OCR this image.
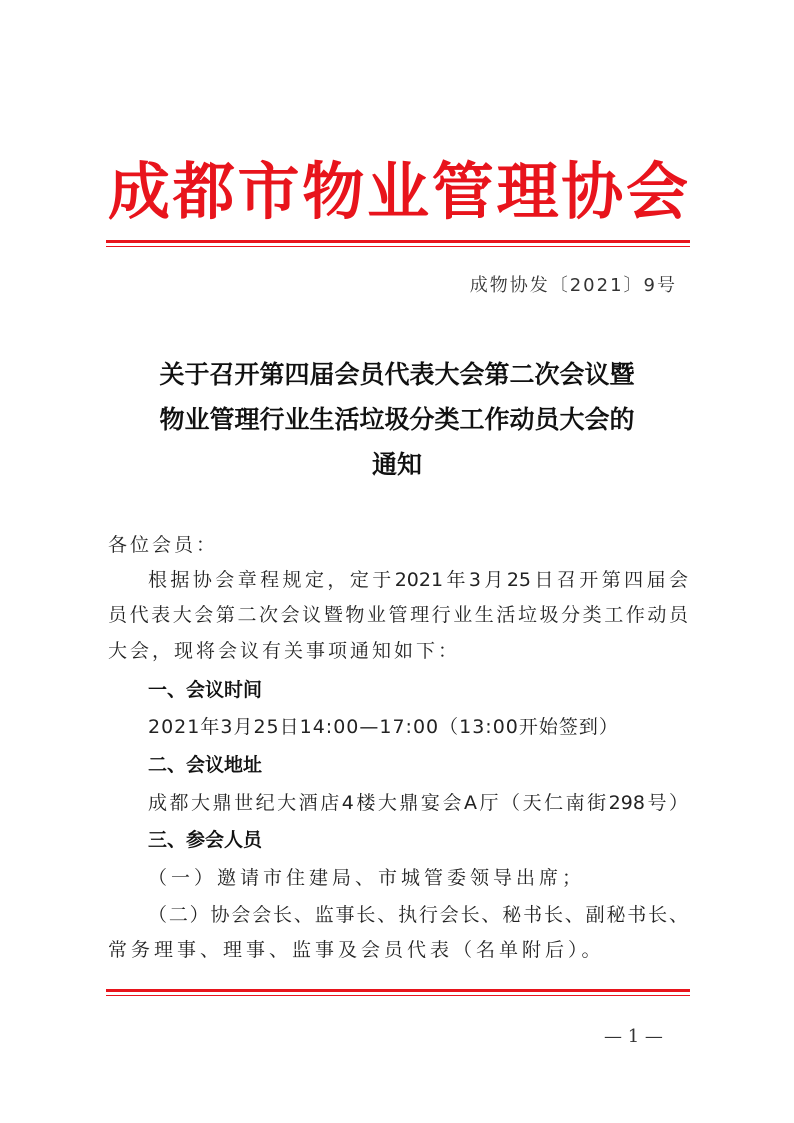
成都市物业管理协会
成物协发〔2021〕9号
关于召开第四届会员代表大会第二次会议暨
物业管理行业生活垃圾分类工作动员大会的
通知
各位会员：
根据协会章程规定，定于2021年3月25日召开第四届会
员代表大会第二次会议暨物业管理行业生活垃圾分类工作动员
大会，现将会议有关事项通知如下：
一、会议时间
2021年3月25日14:00—17:00（13:00开始签到）
二、会议地址
成都大鼎世纪大酒店4楼大鼎宴会A厅（天仁南街298号）
三、参会人员
（一）邀请市住建局、市城管委领导出席；
（二）协会会长、监事长、执行会长、秘书长、副秘书长、
常务理事、理事、监事及会员代表（名单附后）。
— 1 —
